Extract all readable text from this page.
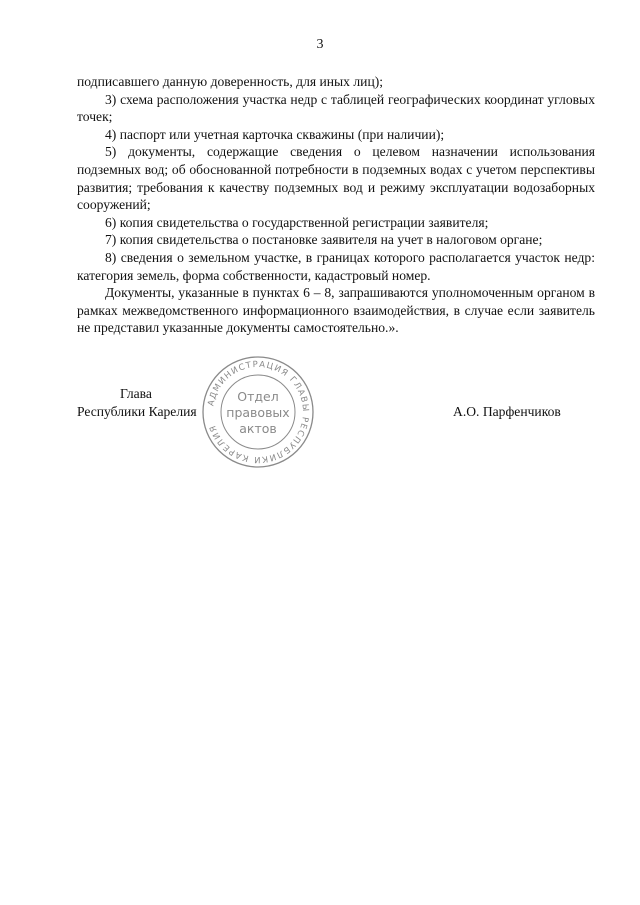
3

подписавшего данную доверенность, для иных лиц);

3) схема расположения участка недр с таблицей географических координат угловых точек;

4) паспорт или учетная карточка скважины (при наличии);

5) документы, содержащие сведения о целевом назначении использования подземных вод; об обоснованной потребности в подземных водах с учетом перспективы развития; требования к качеству подземных вод и режиму эксплуатации водозаборных сооружений;

6) копия свидетельства о государственной регистрации заявителя;

7) копия свидетельства о постановке заявителя на учет в налоговом органе;

8) сведения о земельном участке, в границах которого располагается участок недр: категория земель, форма собственности, кадастровый номер.

Документы, указанные в пунктах 6 – 8, запрашиваются уполномоченным органом в рамках межведомственного информационного взаимодействия, в случае если заявитель не представил указанные документы самостоятельно.».

АДМИНИСТРАЦИЯ ГЛАВЫ РЕСПУБЛИКИ КАРЕЛИЯ
Отдел
правовых
актов
Глава
Республики Карелия	А.О. Парфенчиков
